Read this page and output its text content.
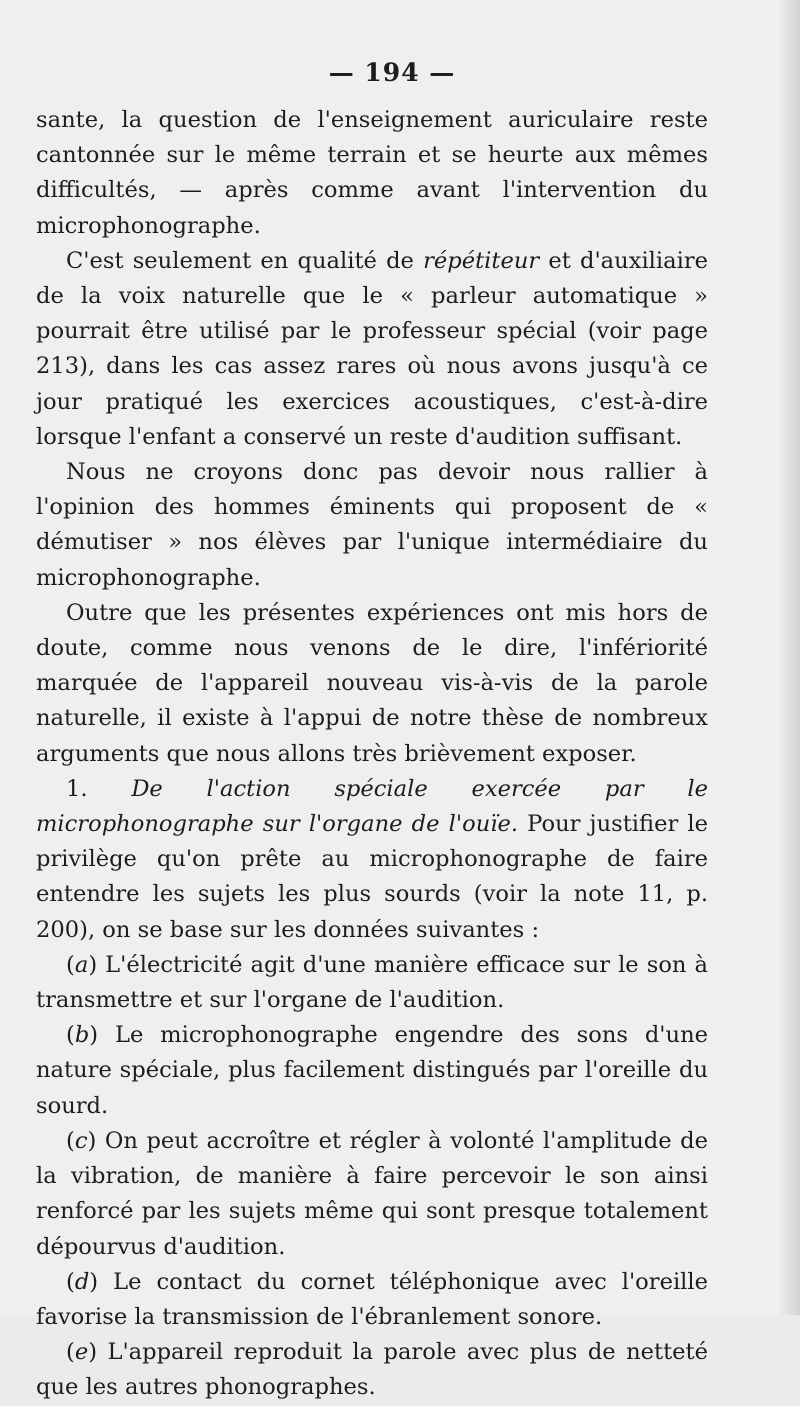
— 194 —

sante, la question de l'enseignement auriculaire reste cantonnée sur le même terrain et se heurte aux mêmes difficultés, — après comme avant l'intervention du microphonographe.

C'est seulement en qualité de répétiteur et d'auxiliaire de la voix naturelle que le « parleur automatique » pourrait être utilisé par le professeur spécial (voir page 213), dans les cas assez rares où nous avons jusqu'à ce jour pratiqué les exercices acoustiques, c'est-à-dire lorsque l'enfant a conservé un reste d'audition suffisant.

Nous ne croyons donc pas devoir nous rallier à l'opinion des hommes éminents qui proposent de « démutiser » nos élèves par l'unique intermédiaire du microphonographe.

Outre que les présentes expériences ont mis hors de doute, comme nous venons de le dire, l'infériorité marquée de l'appareil nouveau vis-à-vis de la parole naturelle, il existe à l'appui de notre thèse de nombreux arguments que nous allons très brièvement exposer.

1. De l'action spéciale exercée par le microphonographe sur l'organe de l'ouïe. Pour justifier le privilège qu'on prête au microphonographe de faire entendre les sujets les plus sourds (voir la note 11, p. 200), on se base sur les données suivantes :

(a) L'électricité agit d'une manière efficace sur le son à transmettre et sur l'organe de l'audition.

(b) Le microphonographe engendre des sons d'une nature spéciale, plus facilement distingués par l'oreille du sourd.

(c) On peut accroître et régler à volonté l'amplitude de la vibration, de manière à faire percevoir le son ainsi renforcé par les sujets même qui sont presque totalement dépourvus d'audition.

(d) Le contact du cornet téléphonique avec l'oreille favorise la transmission de l'ébranlement sonore.

(e) L'appareil reproduit la parole avec plus de netteté que les autres phonographes.
